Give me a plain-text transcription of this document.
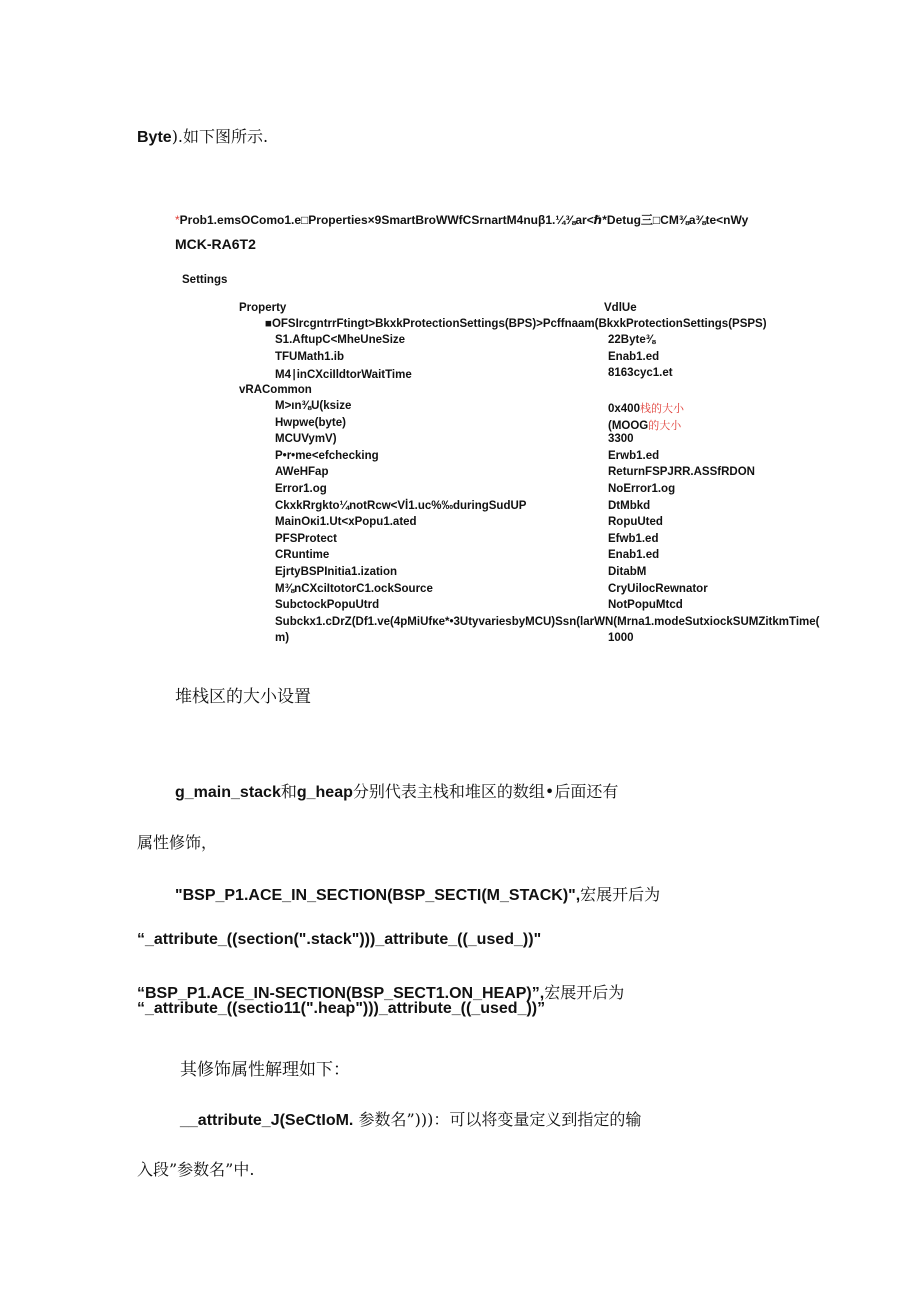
Byte).如下图所示.
*Prob1.emsOComo1.e□Properties×9SmartBroWWfCSrnartM4nuβ1.¼⅜ar<ℏ*Detug三□CM⅜a⅜te<nWy
MCK-RA6T2
Settings
Property	VdlUe
■OFSIrcgntrrFtingt>BkxkProtectionSettings(BPS)>Pcffnaam(BkxkProtectionSettings(PSPS)
S1.AftupC<MheUneSize	22Byte⅜
TFUMath1.ib	Enab1.ed
M4∣inCXciIldtorWaitTime	8163cyc1.et
vRACommon
M>ın⅜U(ksize	0x400栈的大小
Hwpwe(byte)	(MOOG的大小
MCUVymV)	3300
P•r•me<efchecking	Erwb1.ed
AWeHFap	ReturnFSPJRR.ASSfRDON
Error1.og	NoError1.og
CkxkRrgkto¼notRcw<Vİ1.uc%‰duringSudUP	DtMbkd
MainOκi1.Ut<xPopu1.ated	RopuUted
PFSProtect	Efwb1.ed
CRuntime	Enab1.ed
EjrtyBSPInitia1.ization	DitabM
M⅜nCXciItotorC1.ockSource	CryUilocRewnator
SubctockPopuUtrd	NotPopuMtcd
Subckx1.cDrZ(Df1.ve(4pMiUfκe*•3UtyvariesbyMCU)Ssn(larWN(Mrna1.modeSutxiockSUMZitkmTime(
m)	1000
堆栈区的大小设置
g_main_stack和g_heap分别代表主栈和堆区的数组•后面还有
属性修饰，
"BSP_P1.ACE_IN_SECTION(BSP_SECTI(M_STACK)",宏展开后为
“_attribute_((section(".stack")))_attribute_((_used_))"
“BSP_P1.ACE_IN-SECTION(BSP_SECT1.ON_HEAP)”,宏展开后为
“_attribute_((sectio11(".heap")))_attribute_((_used_))”
其修饰属性解理如下：
__attribute_J(SeCtIoM. 参数名”)))：可以将变量定义到指定的输
入段”参数名”中.
